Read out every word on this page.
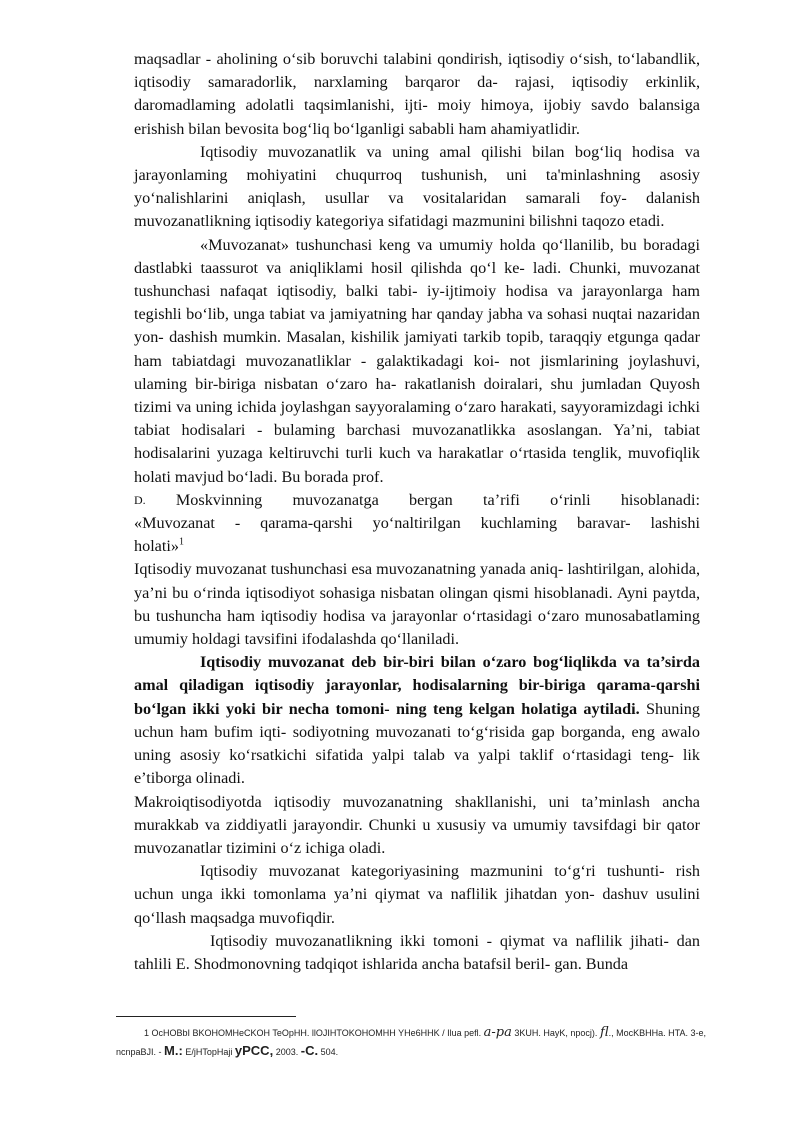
maqsadlar - aholining o‘sib boruvchi talabini qondirish, iqtisodiy o‘sish, to‘labandlik, iqtisodiy samaradorlik, narxlaming barqaror da- rajasi, iqtisodiy erkinlik, daromadlaming adolatli taqsimlanishi, ijti- moiy himoya, ijobiy savdo balansiga erishish bilan bevosita bog‘liq bo‘lganligi sababli ham ahamiyatlidir.

Iqtisodiy muvozanatlik va uning amal qilishi bilan bog‘liq hodisa va jarayonlaming mohiyatini chuqurroq tushunish, uni ta'minlashning asosiy yo‘nalishlarini aniqlash, usullar va vositalaridan samarali foy- dalanish muvozanatlikning iqtisodiy kategoriya sifatidagi mazmunini bilishni taqozo etadi.

«Muvozanat» tushunchasi keng va umumiy holda qo‘llanilib, bu boradagi dastlabki taassurot va aniqliklami hosil qilishda qo‘l ke- ladi. Chunki, muvozanat tushunchasi nafaqat iqtisodiy, balki tabi- iy-ijtimoiy hodisa va jarayonlarga ham tegishli bo‘lib, unga tabiat va jamiyatning har qanday jabha va sohasi nuqtai nazaridan yon- dashish mumkin. Masalan, kishilik jamiyati tarkib topib, taraqqiy etgunga qadar ham tabiatdagi muvozanatliklar - galaktikadagi koi- not jismlarining joylashuvi, ulaming bir-biriga nisbatan o‘zaro ha- rakatlanish doiralari, shu jumladan Quyosh tizimi va uning ichida joylashgan sayyoralaming o‘zaro harakati, sayyoramizdagi ichki tabiat hodisalari - bulaming barchasi muvozanatlikka asoslangan. Ya’ni, tabiat hodisalarini yuzaga keltiruvchi turli kuch va harakatlar o‘rtasida tenglik, muvofiqlik holati mavjud bo‘ladi. Bu borada prof.

D. Moskvinning muvozanatga bergan ta’rifi o‘rinli hisoblanadi:

«Muvozanat - qarama-qarshi yo‘naltirilgan kuchlaming baravar- lashishi

holati»$^1$

Iqtisodiy muvozanat tushunchasi esa muvozanatning yanada aniq- lashtirilgan, alohida, ya’ni bu o‘rinda iqtisodiyot sohasiga nisbatan olingan qismi hisoblanadi. Ayni paytda, bu tushuncha ham iqtisodiy hodisa va jarayonlar o‘rtasidagi o‘zaro munosabatlaming umumiy holdagi tavsifini ifodalashda qo‘llaniladi.

Iqtisodiy muvozanat deb bir-biri bilan o‘zaro bog‘liqlikda va ta’sirda amal qiladigan iqtisodiy jarayonlar, hodisalarning bir-biriga qarama-qarshi bo‘lgan ikki yoki bir necha tomoni- ning teng kelgan holatiga aytiladi. Shuning uchun ham bufim iqti- sodiyotning muvozanati to‘g‘risida gap borganda, eng awalo uning asosiy ko‘rsatkichi sifatida yalpi talab va yalpi taklif o‘rtasidagi teng- lik e’tiborga olinadi.

Makroiqtisodiyotda iqtisodiy muvozanatning shakllanishi, uni ta’minlash ancha murakkab va ziddiyatli jarayondir. Chunki u xususiy va umumiy tavsifdagi bir qator muvozanatlar tizimini o‘z ichiga oladi.

Iqtisodiy muvozanat kategoriyasining mazmunini to‘g‘ri tushunti- rish uchun unga ikki tomonlama ya’ni qiymat va naflilik jihatdan yon- dashuv usulini qo‘llash maqsadga muvofiqdir.

Iqtisodiy muvozanatlikning ikki tomoni - qiymat va naflilik jihati- dan tahlili E. Shodmonovning tadqiqot ishlarida ancha batafsil beril- gan. Bunda

1 OcHOBbI BKOHOMHeCKOH TeOpHH. llOJIHTOKOHOMHH YHe6HHK / Ilua pefl. a-pa 3KUH. HayK, npocj). fl., MocKBHHa. HTA. 3-e, ncnpaBJI. - M.: E/jHTopHaji yPCC, 2003. -C. 504.
